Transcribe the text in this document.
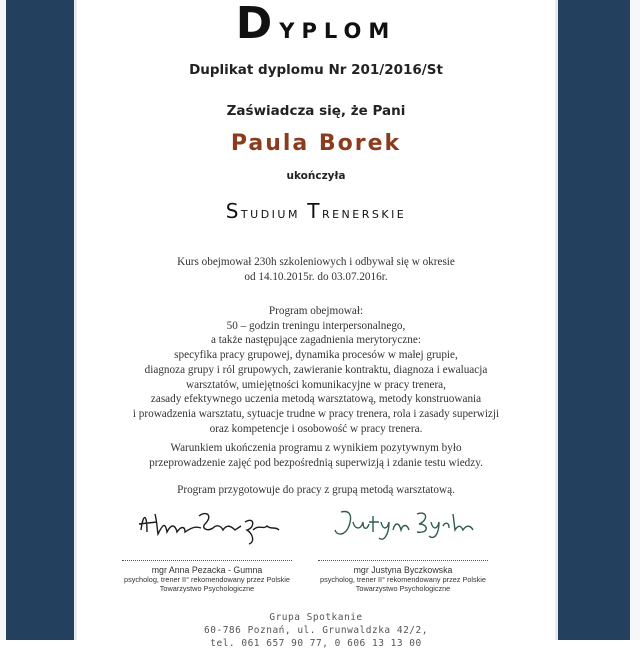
Dyplom
Duplikat dyplomu Nr 201/2016/St
Zaświadcza się, że Pani
Paula Borek
ukończyła
Studium Trenerskie
Kurs obejmował 230h szkoleniowych i odbywał się w okresie
od 14.10.2015r. do 03.07.2016r.
Program obejmował:
50 – godzin treningu interpersonalnego,
a także następujące zagadnienia merytoryczne:
specyfika pracy grupowej, dynamika procesów w małej grupie,
diagnoza grupy i ról grupowych, zawieranie kontraktu, diagnoza i ewaluacja
warsztatów, umiejętności komunikacyjne w pracy trenera,
zasady efektywnego uczenia metodą warsztatową, metody konstruowania
i prowadzenia warsztatu, sytuacje trudne w pracy trenera, rola i zasady superwizji
oraz kompetencje i osobowość w pracy trenera.
Warunkiem ukończenia programu z wynikiem pozytywnym było
przeprowadzenie zajęć pod bezpośrednią superwizją i zdanie testu wiedzy.
Program przygotowuje do pracy z grupą metodą warsztatową.
mgr Anna Pezacka - Gumna
psycholog, trener II° rekomendowany przez Polskie
Towarzystwo Psychologiczne
mgr Justyna Byczkowska
psycholog, trener II° rekomendowany przez Polskie
Towarzystwo Psychologiczne
Grupa Spotkanie
60-786 Poznań, ul. Grunwaldzka 42/2,
tel. 061 657 90 77, 0 606 13 13 00
